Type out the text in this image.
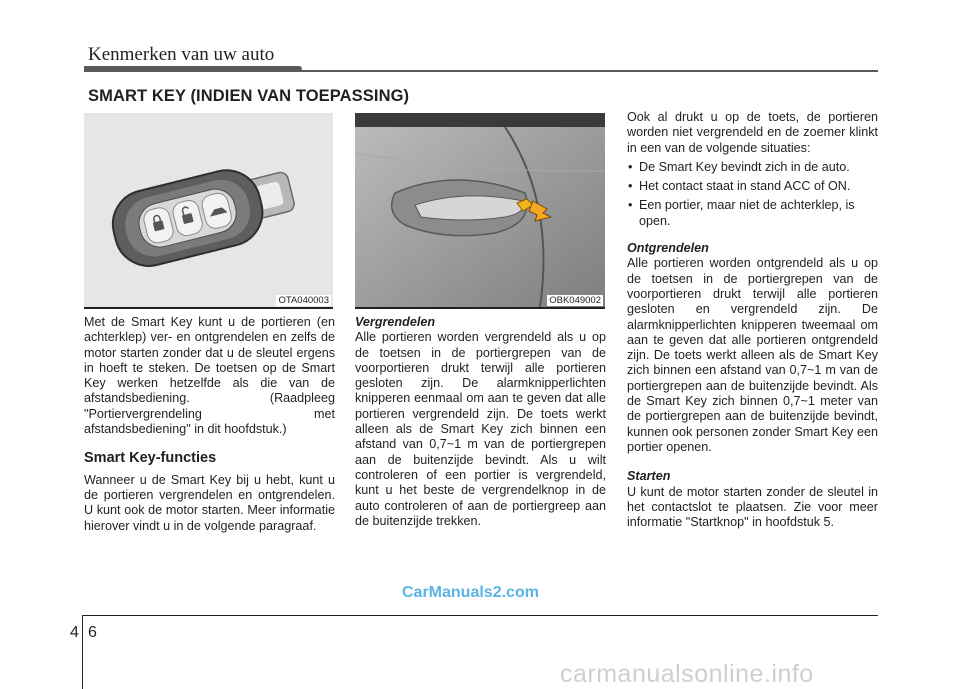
Kenmerken van uw auto
SMART KEY (INDIEN VAN TOEPASSING)
OTA040003	OBK049002

Met de Smart Key kunt u de portieren (en achterklep) ver- en ontgrendelen en zelfs de motor starten zonder dat u de sleutel ergens in hoeft te steken. De toetsen op de Smart Key werken hetzelfde als die van de afstandsbediening. (Raadpleeg "Portiervergrendeling met afstandsbediening" in dit hoofdstuk.)

Smart Key-functies

Wanneer u de Smart Key bij u hebt, kunt u de portieren vergrendelen en ontgrendelen. U kunt ook de motor starten. Meer informatie hierover vindt u in de volgende paragraaf.

Vergrendelen

Alle portieren worden vergrendeld als u op de toetsen in de portiergrepen van de voorportieren drukt terwijl alle portieren gesloten zijn. De alarmknipperlichten knipperen eenmaal om aan te geven dat alle portieren vergrendeld zijn. De toets werkt alleen als de Smart Key zich binnen een afstand van 0,7~1 m van de portiergrepen aan de buitenzijde bevindt. Als u wilt controleren of een portier is vergrendeld, kunt u het beste de vergrendelknop in de auto controleren of aan de portiergreep aan de buitenzijde trekken.

Ook al drukt u op de toets, de portieren worden niet vergrendeld en de zoemer klinkt in een van de volgende situaties:

• De Smart Key bevindt zich in de auto.
• Het contact staat in stand ACC of ON.
• Een portier, maar niet de achterklep, is open.

Ontgrendelen

Alle portieren worden ontgrendeld als u op de toetsen in de portiergrepen van de voorportieren drukt terwijl alle portieren gesloten en vergrendeld zijn. De alarmknipperlichten knipperen tweemaal om aan te geven dat alle portieren ontgrendeld zijn. De toets werkt alleen als de Smart Key zich binnen een afstand van 0,7~1 m van de portiergrepen aan de buitenzijde bevindt. Als de Smart Key zich binnen 0,7~1 meter van de portiergrepen aan de buitenzijde bevindt, kunnen ook personen zonder Smart Key een portier openen.

Starten

U kunt de motor starten zonder de sleutel in het contactslot te plaatsen. Zie voor meer informatie "Startknop" in hoofdstuk 5.

CarManuals2.com
4 6
carmanualsonline.info
